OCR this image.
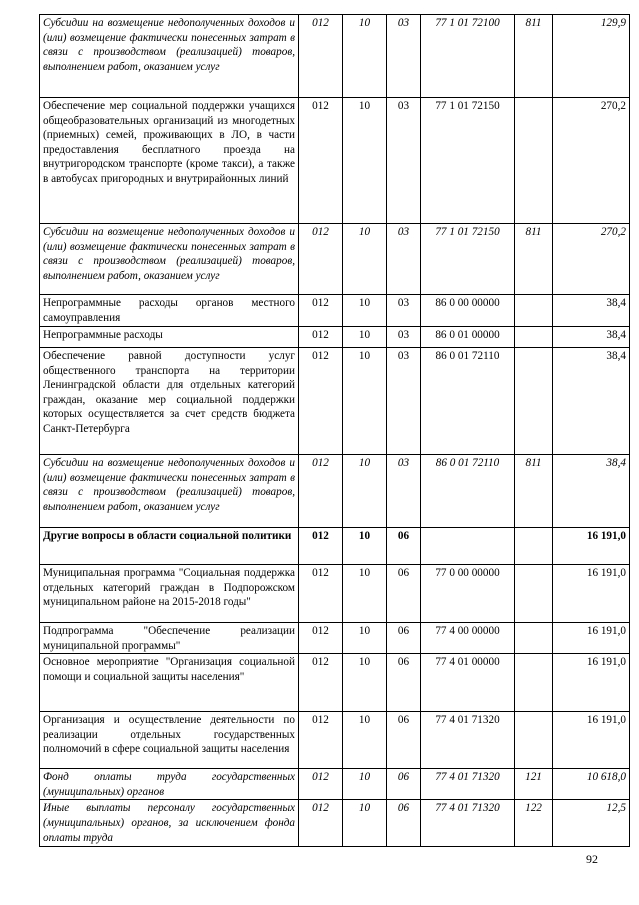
Субсидии на возмещение недополученных доходов и (или) возмещение фактически понесенных затрат в связи с производством (реализацией) товаров, выполнением работ, оказанием услуг	012	10	03	77 1 01 72100	811	129,9
Обеспечение мер социальной поддержки учащихся общеобразовательных организаций из многодетных (приемных) семей, проживающих в ЛО, в части предоставления бесплатного проезда на внутригородском транспорте (кроме такси), а также в автобусах пригородных и внутрирайонных линий	012	10	03	77 1 01 72150		270,2
Субсидии на возмещение недополученных доходов и (или) возмещение фактически понесенных затрат в связи с производством (реализацией) товаров, выполнением работ, оказанием услуг	012	10	03	77 1 01 72150	811	270,2
Непрограммные расходы органов местного самоуправления	012	10	03	86 0 00 00000		38,4
Непрограммные расходы	012	10	03	86 0 01 00000		38,4
Обеспечение равной доступности услуг общественного транспорта на территории Ленинградской области для отдельных категорий граждан, оказание мер социальной поддержки которых осуществляется за счет средств бюджета Санкт-Петербурга	012	10	03	86 0 01 72110		38,4
Субсидии на возмещение недополученных доходов и (или) возмещение фактически понесенных затрат в связи с производством (реализацией) товаров, выполнением работ, оказанием услуг	012	10	03	86 0 01 72110	811	38,4
Другие вопросы в области социальной политики	012	10	06			16 191,0
Муниципальная программа "Социальная поддержка отдельных категорий граждан в Подпорожском муниципальном районе на 2015-2018 годы"	012	10	06	77 0 00 00000		16 191,0
Подпрограмма "Обеспечение реализации муниципальной программы"	012	10	06	77 4 00 00000		16 191,0
Основное мероприятие "Организация социальной помощи и социальной защиты населения"	012	10	06	77 4 01 00000		16 191,0
Организация и осуществление деятельности по реализации отдельных государственных полномочий в сфере социальной защиты населения	012	10	06	77 4 01 71320		16 191,0
Фонд оплаты труда государственных (муниципальных) органов	012	10	06	77 4 01 71320	121	10 618,0
Иные выплаты персоналу государственных (муниципальных) органов, за исключением фонда оплаты труда	012	10	06	77 4 01 71320	122	12,5
92
